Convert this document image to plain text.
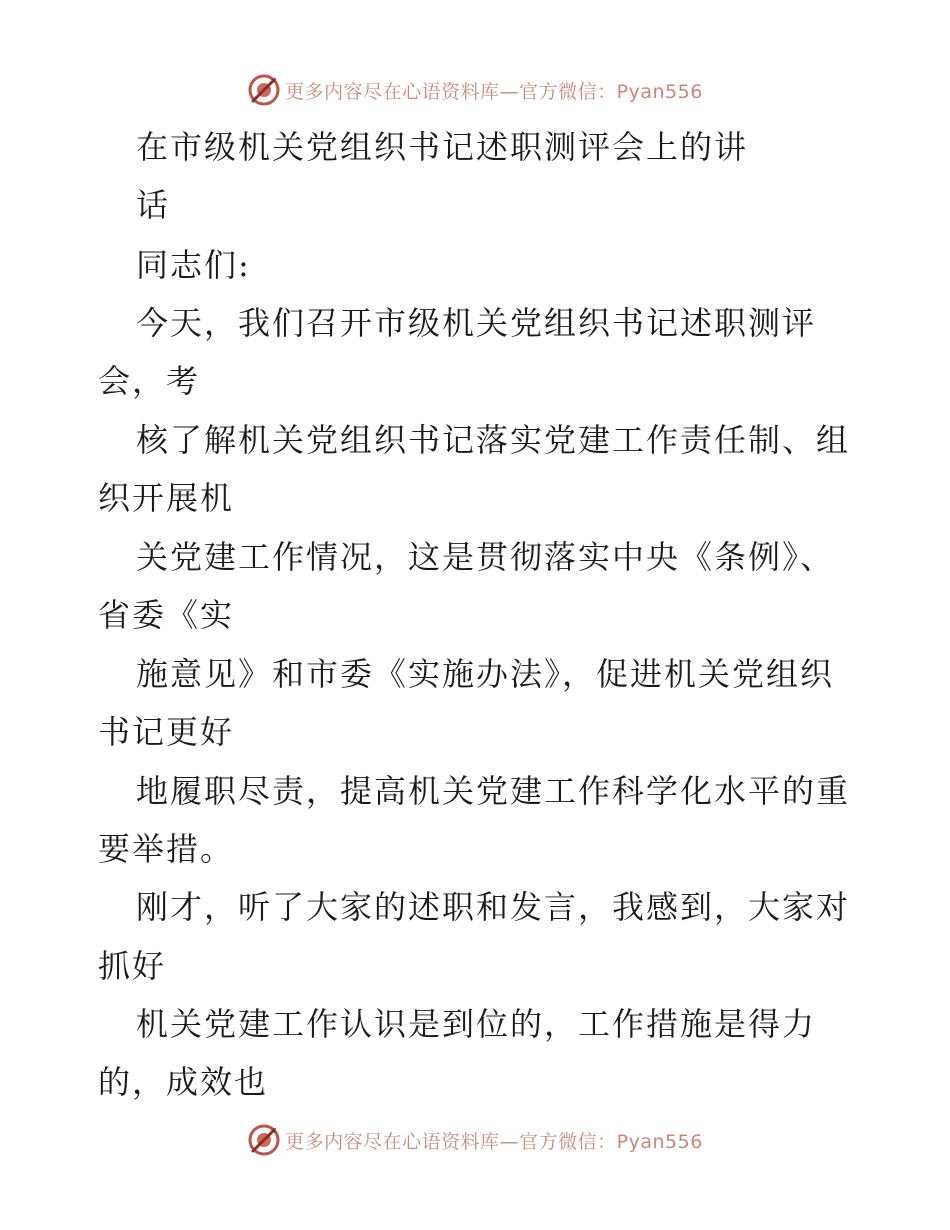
更多内容尽在心语资料库—官方微信：Pyan556
在市级机关党组织书记述职测评会上的讲
话
同志们:
今天，我们召开市级机关党组织书记述职测评
会，考
核了解机关党组织书记落实党建工作责任制、组
织开展机
关党建工作情况，这是贯彻落实中央《条例》、
省委《实
施意见》和市委《实施办法》，促进机关党组织
书记更好
地履职尽责，提高机关党建工作科学化水平的重
要举措。
刚才，听了大家的述职和发言，我感到，大家对
抓好
机关党建工作认识是到位的，工作措施是得力
的，成效也
更多内容尽在心语资料库—官方微信：Pyan556
